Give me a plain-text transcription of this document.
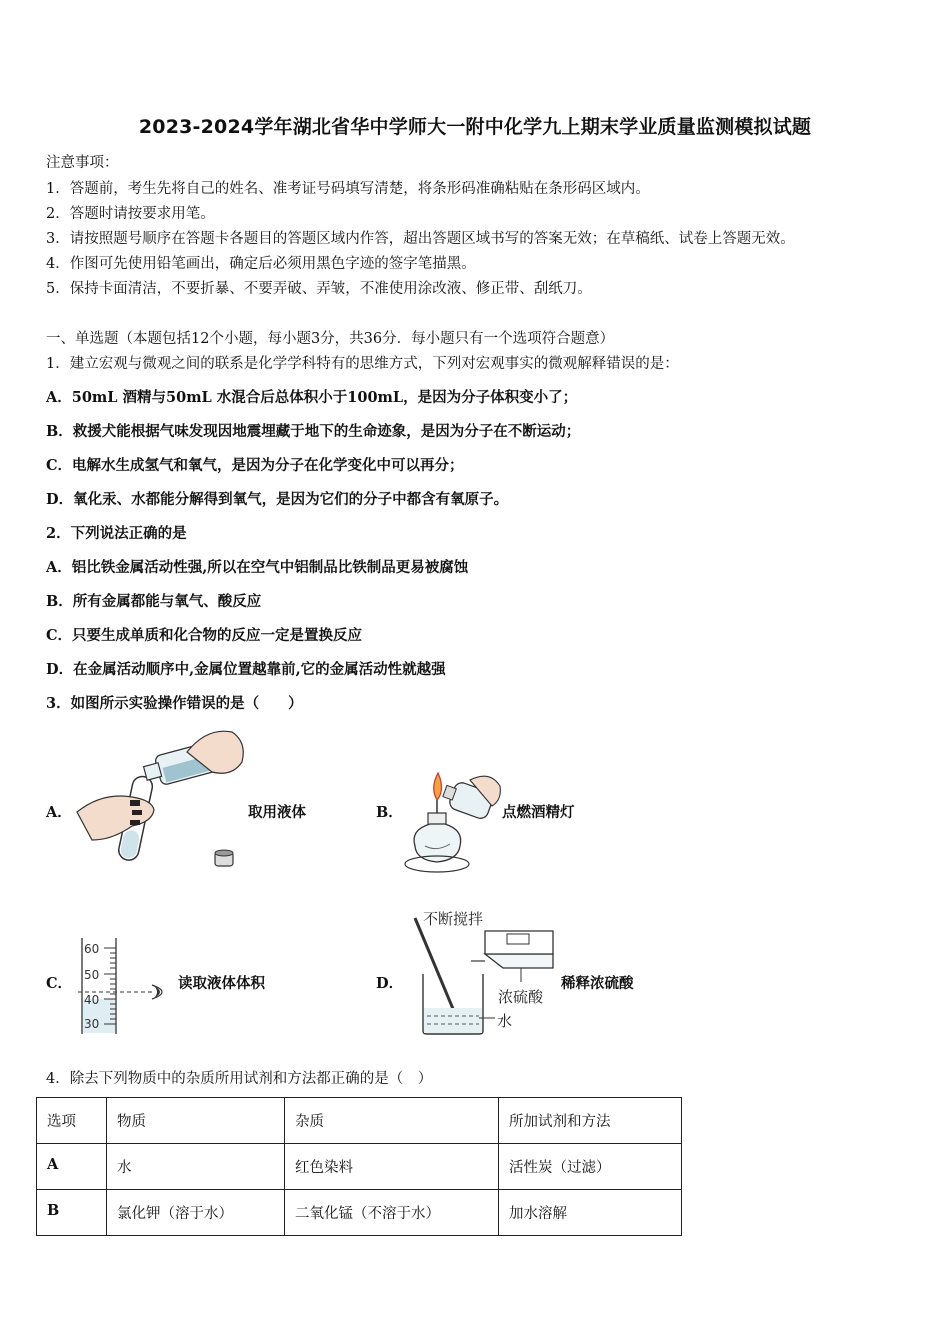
2023-2024学年湖北省华中学师大一附中化学九上期末学业质量监测模拟试题
注意事项：
1．答题前，考生先将自己的姓名、准考证号码填写清楚，将条形码准确粘贴在条形码区域内。
2．答题时请按要求用笔。
3．请按照题号顺序在答题卡各题目的答题区域内作答，超出答题区域书写的答案无效；在草稿纸、试卷上答题无效。
4．作图可先使用铅笔画出，确定后必须用黑色字迹的签字笔描黑。
5．保持卡面清洁，不要折暴、不要弄破、弄皱，不准使用涂改液、修正带、刮纸刀。
一、单选题（本题包括12个小题，每小题3分，共36分．每小题只有一个选项符合题意）
1．建立宏观与微观之间的联系是化学学科特有的思维方式，下列对宏观事实的微观解释错误的是：
A．50mL 酒精与50mL 水混合后总体积小于100mL，是因为分子体积变小了；
B．救援犬能根据气味发现因地震埋藏于地下的生命迹象，是因为分子在不断运动；
C．电解水生成氢气和氧气，是因为分子在化学变化中可以再分；
D．氧化汞、水都能分解得到氧气，是因为它们的分子中都含有氧原子。
2．下列说法正确的是
A．铝比铁金属活动性强,所以在空气中铝制品比铁制品更易被腐蚀
B．所有金属都能与氧气、酸反应
C．只要生成单质和化合物的反应一定是置换反应
D．在金属活动顺序中,金属位置越靠前,它的金属活动性就越强
3．如图所示实验操作错误的是（　　）
A．	取用液体	B．	点燃酒精灯
C．
60
50
40
30
读取液体体积	D．
不断搅拌
浓硫酸
水
稀释浓硫酸
4．除去下列物质中的杂质所用试剂和方法都正确的是（　）
选项	物质	杂质	所加试剂和方法
A	水	红色染料	活性炭（过滤）
B	氯化钾（溶于水）	二氧化锰（不溶于水）	加水溶解
